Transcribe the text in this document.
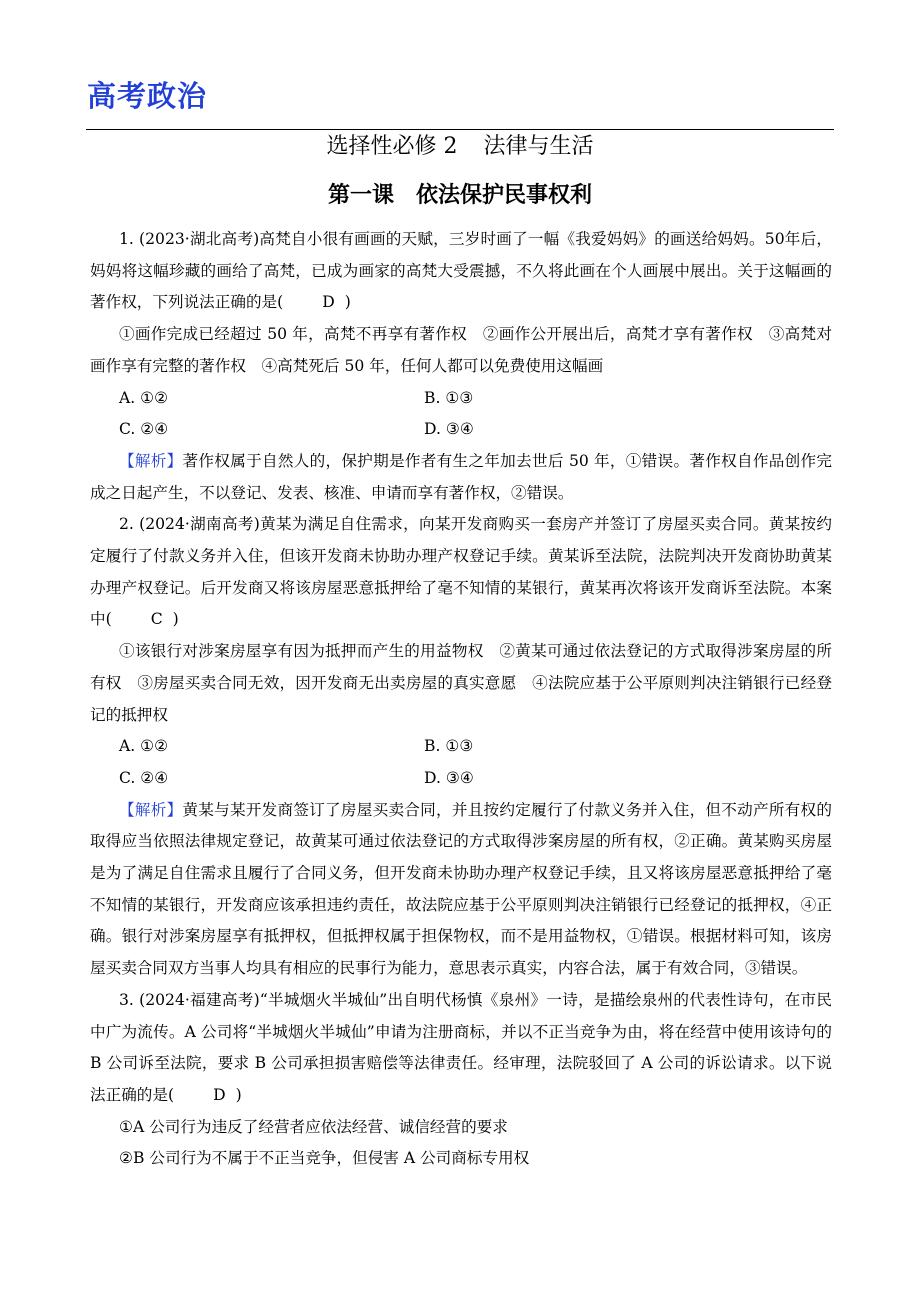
高考政治
选择性必修 2 法律与生活
第一课 依法保护民事权利

1. (2023·湖北高考)高梵自小很有画画的天赋，三岁时画了一幅《我爱妈妈》的画送给妈妈。50年后，妈妈将这幅珍藏的画给了高梵，已成为画家的高梵大受震撼，不久将此画在个人画展中展出。关于这幅画的著作权，下列说法正确的是(	D )

①画作完成已经超过 50 年，高梵不再享有著作权　②画作公开展出后，高梵才享有著作权　③高梵对画作享有完整的著作权　④高梵死后 50 年，任何人都可以免费使用这幅画

A. ①②	B. ①③
C. ②④	D. ③④

【解析】著作权属于自然人的，保护期是作者有生之年加去世后 50 年，①错误。著作权自作品创作完成之日起产生，不以登记、发表、核准、申请而享有著作权，②错误。

2. (2024·湖南高考)黄某为满足自住需求，向某开发商购买一套房产并签订了房屋买卖合同。黄某按约定履行了付款义务并入住，但该开发商未协助办理产权登记手续。黄某诉至法院，法院判决开发商协助黄某办理产权登记。后开发商又将该房屋恶意抵押给了毫不知情的某银行，黄某再次将该开发商诉至法院。本案中(	C )

①该银行对涉案房屋享有因为抵押而产生的用益物权　②黄某可通过依法登记的方式取得涉案房屋的所有权　③房屋买卖合同无效，因开发商无出卖房屋的真实意愿　④法院应基于公平原则判决注销银行已经登记的抵押权

A. ①②	B. ①③
C. ②④	D. ③④

【解析】黄某与某开发商签订了房屋买卖合同，并且按约定履行了付款义务并入住，但不动产所有权的取得应当依照法律规定登记，故黄某可通过依法登记的方式取得涉案房屋的所有权，②正确。黄某购买房屋是为了满足自住需求且履行了合同义务，但开发商未协助办理产权登记手续，且又将该房屋恶意抵押给了毫不知情的某银行，开发商应该承担违约责任，故法院应基于公平原则判决注销银行已经登记的抵押权，④正确。银行对涉案房屋享有抵押权，但抵押权属于担保物权，而不是用益物权，①错误。根据材料可知，该房屋买卖合同双方当事人均具有相应的民事行为能力，意思表示真实，内容合法，属于有效合同，③错误。

3. (2024·福建高考)“半城烟火半城仙”出自明代杨慎《泉州》一诗，是描绘泉州的代表性诗句，在市民中广为流传。A 公司将“半城烟火半城仙”申请为注册商标，并以不正当竞争为由，将在经营中使用该诗句的 B 公司诉至法院，要求 B 公司承担损害赔偿等法律责任。经审理，法院驳回了 A 公司的诉讼请求。以下说法正确的是(	D )

①A 公司行为违反了经营者应依法经营、诚信经营的要求

②B 公司行为不属于不正当竞争，但侵害 A 公司商标专用权
